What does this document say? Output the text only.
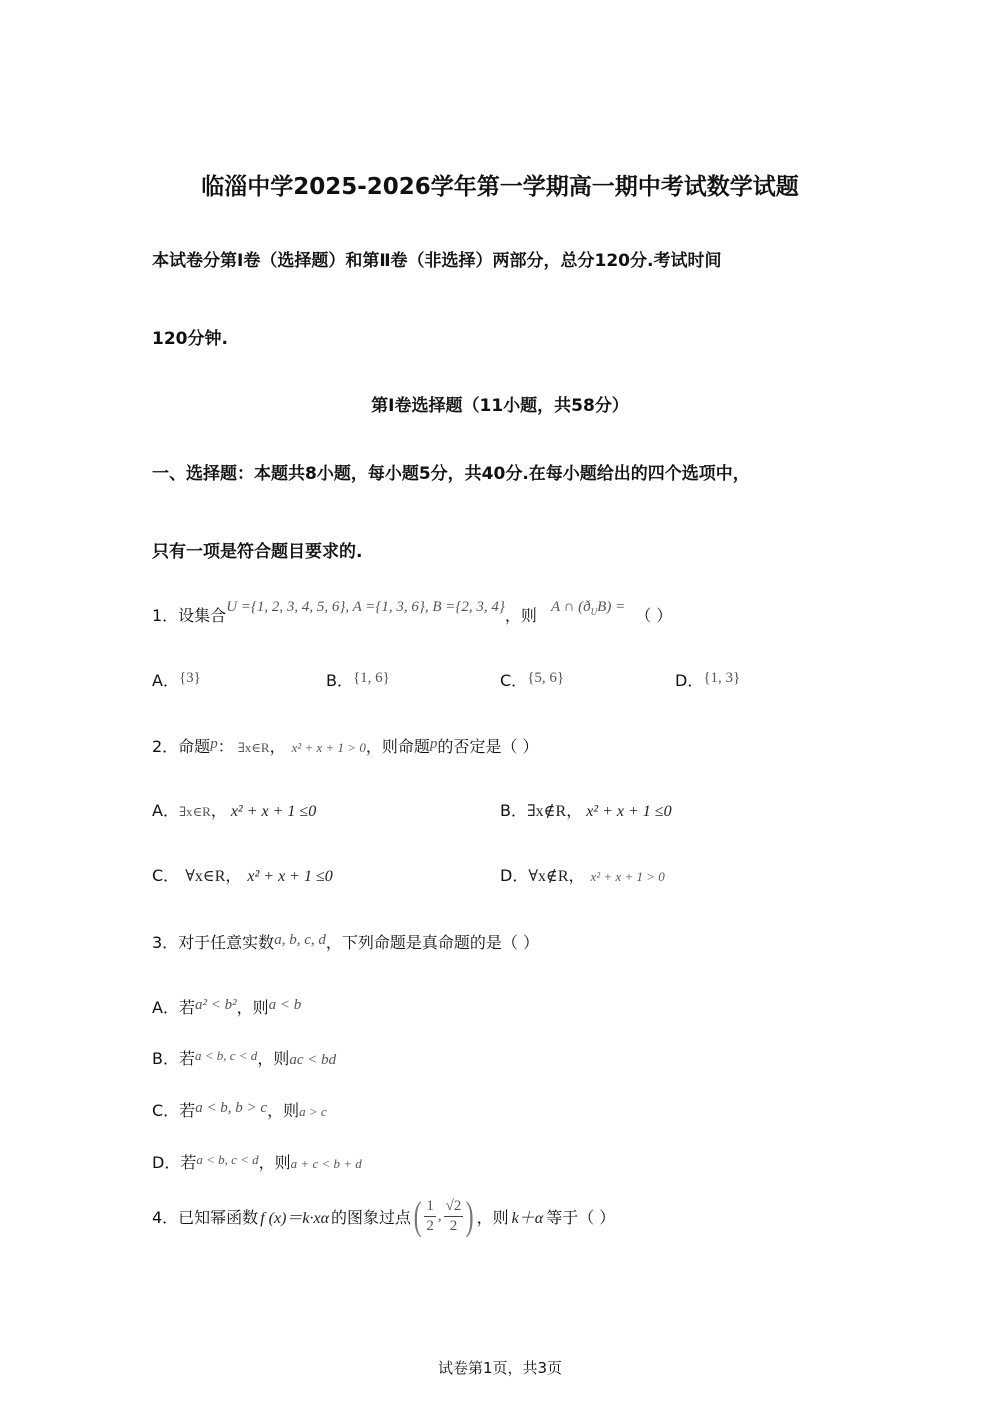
临淄中学2025-2026学年第一学期高一期中考试数学试题
本试卷分第Ⅰ卷（选择题）和第Ⅱ卷（非选择）两部分，总分120分.考试时间
120分钟.
第Ⅰ卷选择题（11小题，共58分）
一、选择题：本题共8小题，每小题5分，共40分.在每小题给出的四个选项中，
只有一项是符合题目要求的.
1．设集合U ={1, 2, 3, 4, 5, 6}, A ={1, 3, 6}, B ={2, 3, 4}，则 A ∩ $(ð_UB)$ = （ ）
A．{3}	B．{1, 6}	C．{5, 6}	D．{1, 3}
2．命题p： ∃x∈R， x² + x + 1 > 0，则命题p的否定是（ ）
A．∃x∈R， x² + x + 1 ≤0	B．∃x∉R， x² + x + 1 ≤0
C． ∀x∈R， x² + x + 1 ≤0	D．∀x∉R， x² + x + 1 > 0
3．对于任意实数a, b, c, d，下列命题是真命题的是（ ）
A．若a² < b²，则a < b
B．若$^{a < b, c < d}$，则ac < bd
C．若a < b, b > c，则a > c
D．若$^{a < b, c < d}$，则a + c < b + d
4．已知幂函数 f (x)＝k·xα 的图象过点 ( $\frac{1}{2}$ , $\frac{√2}{2}$ ) ，则 k＋α 等于（ ）
试卷第1页，共3页
